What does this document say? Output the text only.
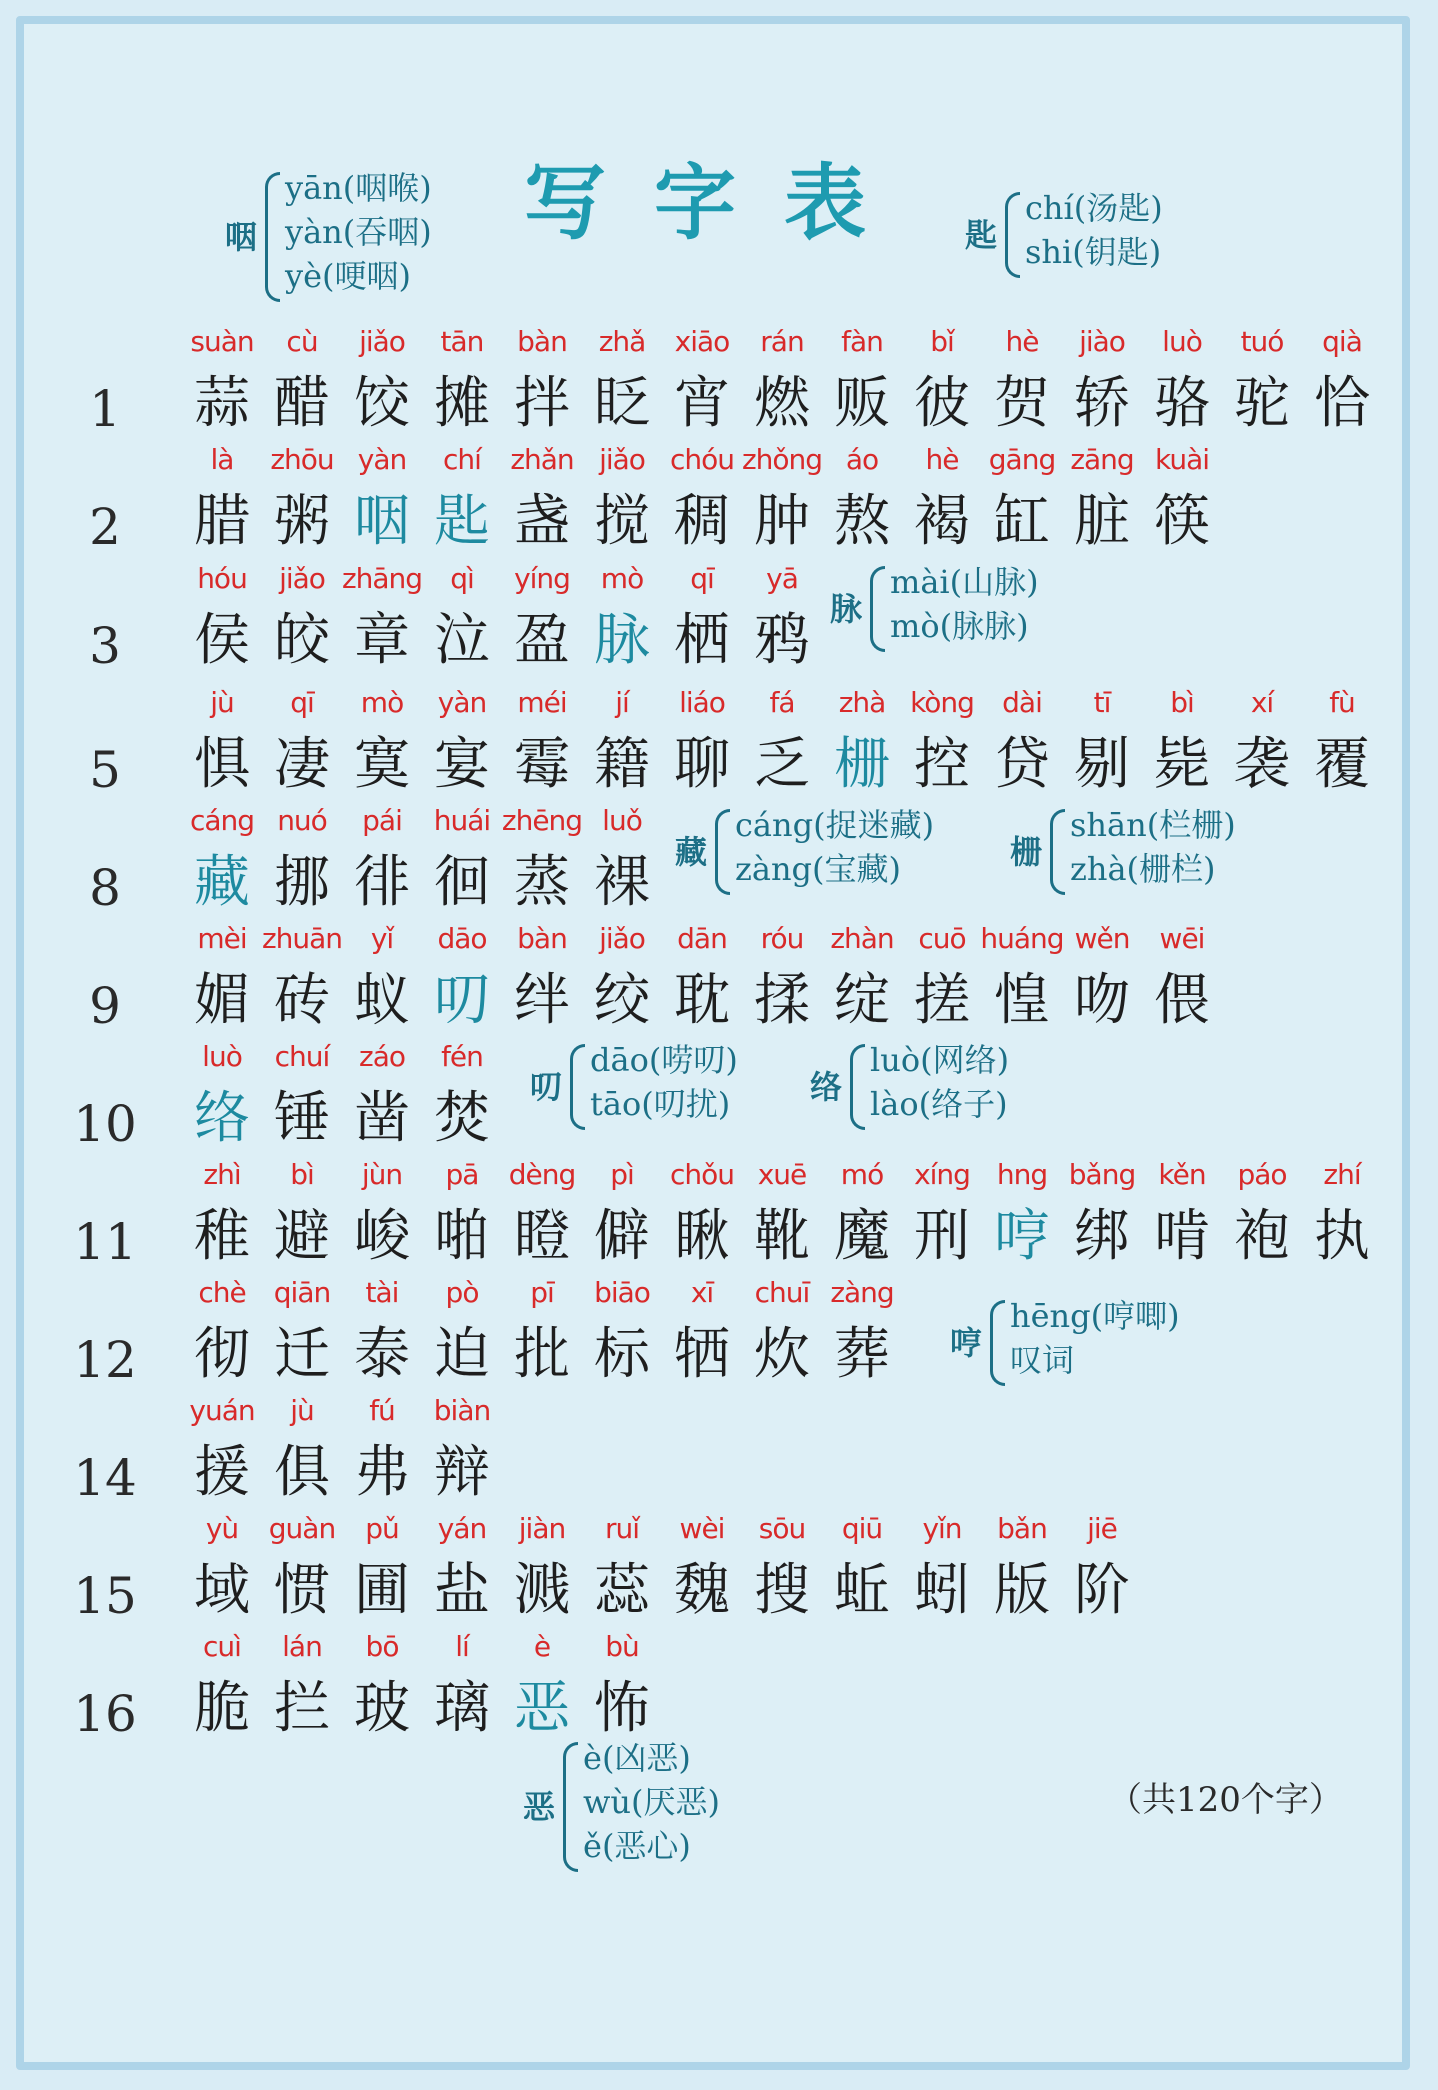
写字表
1
suàn
蒜
cù
醋
jiǎo
饺
tān
摊
bàn
拌
zhǎ
眨
xiāo
宵
rán
燃
fàn
贩
bǐ
彼
hè
贺
jiào
轿
luò
骆
tuó
驼
qià
恰
2
là
腊
zhōu
粥
yàn
咽
chí
匙
zhǎn
盏
jiǎo
搅
chóu
稠
zhǒng
肿
áo
熬
hè
褐
gāng
缸
zāng
脏
kuài
筷
3
hóu
侯
jiǎo
皎
zhāng
章
qì
泣
yíng
盈
mò
脉
qī
栖
yā
鸦
5
jù
惧
qī
凄
mò
寞
yàn
宴
méi
霉
jí
籍
liáo
聊
fá
乏
zhà
栅
kòng
控
dài
贷
tī
剔
bì
毙
xí
袭
fù
覆
8
cáng
藏
nuó
挪
pái
徘
huái
徊
zhēng
蒸
luǒ
裸
9
mèi
媚
zhuān
砖
yǐ
蚁
dāo
叨
bàn
绊
jiǎo
绞
dān
耽
róu
揉
zhàn
绽
cuō
搓
huáng
惶
wěn
吻
wēi
偎
10
luò
络
chuí
锤
záo
凿
fén
焚
11
zhì
稚
bì
避
jùn
峻
pā
啪
dèng
瞪
pì
僻
chǒu
瞅
xuē
靴
mó
魔
xíng
刑
hng
哼
bǎng
绑
kěn
啃
páo
袍
zhí
执
12
chè
彻
qiān
迁
tài
泰
pò
迫
pī
批
biāo
标
xī
牺
chuī
炊
zàng
葬
14
yuán
援
jù
俱
fú
弗
biàn
辩
15
yù
域
guàn
惯
pǔ
圃
yán
盐
jiàn
溅
ruǐ
蕊
wèi
魏
sōu
搜
qiū
蚯
yǐn
蚓
bǎn
版
jiē
阶
16
cuì
脆
lán
拦
bō
玻
lí
璃
è
恶
bù
怖
咽
yān(咽喉)
yàn(吞咽)
yè(哽咽)
匙
chí(汤匙)
shi(钥匙)
脉
mài(山脉)
mò(脉脉)
藏
cáng(捉迷藏)
zàng(宝藏)	栅
shān(栏栅)
zhà(栅栏)
叨
dāo(唠叨)
tāo(叨扰) 络
luò(网络)
lào(络子)
哼
hēng(哼唧)
叹词
恶
è(凶恶)
wù(厌恶)
ě(恶心)
（共120个字）
